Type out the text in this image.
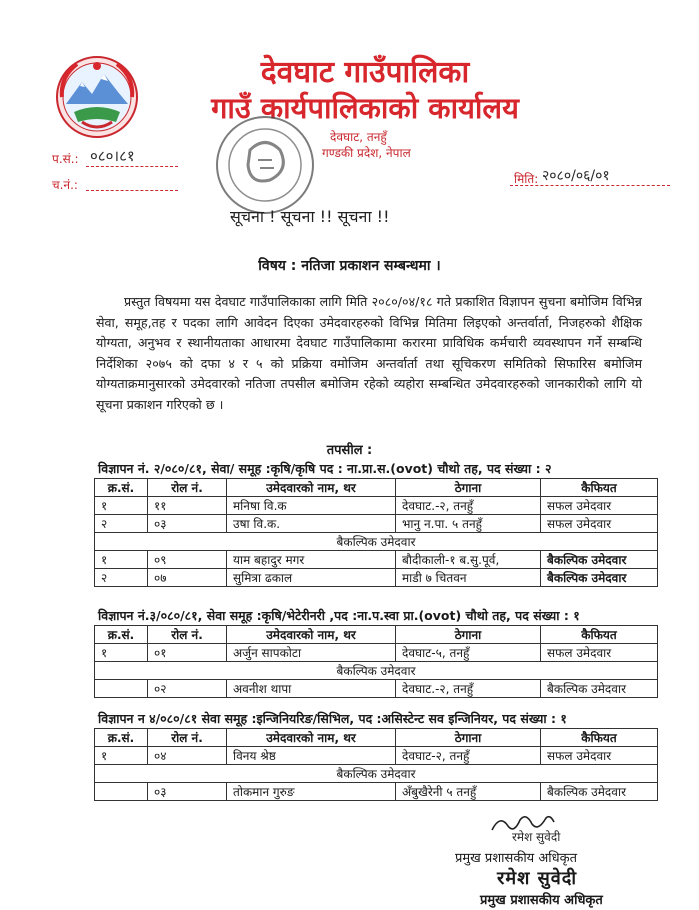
देवघाट गाउँपालिका
गाउँ कार्यपालिकाको कार्यालय
देवघाट, तनहुँ
गण्डकी प्रदेश, नेपाल
प.सं.: ०८०।८१
च.नं.:	मिति: २०८०/०६/०१
सूचना ! सूचना !! सूचना !!
विषय : नतिजा प्रकाशन सम्बन्धमा ।
प्रस्तुत विषयमा यस देवघाट गाउँपालिकाका लागि मिति २०८०/०४/१८ गते प्रकाशित विज्ञापन सुचना बमोजिम विभिन्न सेवा, समूह,तह र पदका लागि आवेदन दिएका उमेदवारहरुको विभिन्न मितिमा लिइएको अन्तर्वार्ता, निजहरुको शैक्षिक योग्यता, अनुभव र स्थानीयताका आधारमा देवघाट गाउँपालिकामा करारमा प्राविधिक कर्मचारी व्यवस्थापन गर्ने सम्बन्धि निर्देशिका २०७५ को दफा ४ र ५ को प्रक्रिया वमोजिम अन्तर्वार्ता तथा सूचिकरण समितिको सिफारिस बमोजिम योग्यताक्रमानुसारको उमेदवारको नतिजा तपसील बमोजिम रहेको व्यहोरा सम्बन्धित उमेदवारहरुको जानकारीको लागि यो सूचना प्रकाशन गरिएको छ ।
तपसील :
विज्ञापन नं. २/०८०/८१, सेवा/ समूह :कृषि/कृषि पद : ना.प्रा.स.(ovot) चौथो तह, पद संख्या : २
क्र.सं.	रोल नं.	उमेदवारको नाम, थर	ठेगाना	कैफियत
१	११	मनिषा वि.क	देवघाट.-२, तनहुँ	सफल उमेदवार
२	०३	उषा वि.क.	भानु न.पा. ५ तनहुँ	सफल उमेदवार
बैकल्पिक उमेदवार				
१	०९	याम बहादुर मगर	बौदीकाली-१ ब.सु.पूर्व,	बैकल्पिक उमेदवार
२	०७	सुमित्रा ढकाल	माडी ७ चितवन	बैकल्पिक उमेदवार
विज्ञापन नं.३/०८०/८१, सेवा समूह :कृषि/भेटेरीनरी ,पद :ना.प.स्वा प्रा.(ovot) चौथो तह, पद संख्या : १
क्र.सं.	रोल नं.	उमेदवारको नाम, थर	ठेगाना	कैफियत
१	०१	अर्जुन सापकोटा	देवघाट-५, तनहुँ	सफल उमेदवार
बैकल्पिक उमेदवार				
	०२	अवनीश थापा	देवघाट.-२, तनहुँ	बैकल्पिक उमेदवार
विज्ञापन न ४/०८०/८१ सेवा समूह :इन्जिनियरिङ/सिभिल, पद :असिस्टेन्ट सव इन्जिनियर, पद संख्या : १
क्र.सं.	रोल नं.	उमेदवारको नाम, थर	ठेगाना	कैफियत
१	०४	विनय श्रेष्ठ	देवघाट-२, तनहुँ	सफल उमेदवार
बैकल्पिक उमेदवार				
	०३	तोकमान गुरुङ	अँबुखैरेनी ५ तनहुँ	बैकल्पिक उमेदवार
रमेश सुवेदी
प्रमुख प्रशासकीय अधिकृत
रमेश सुवेदी
प्रमुख प्रशासकीय अधिकृत
